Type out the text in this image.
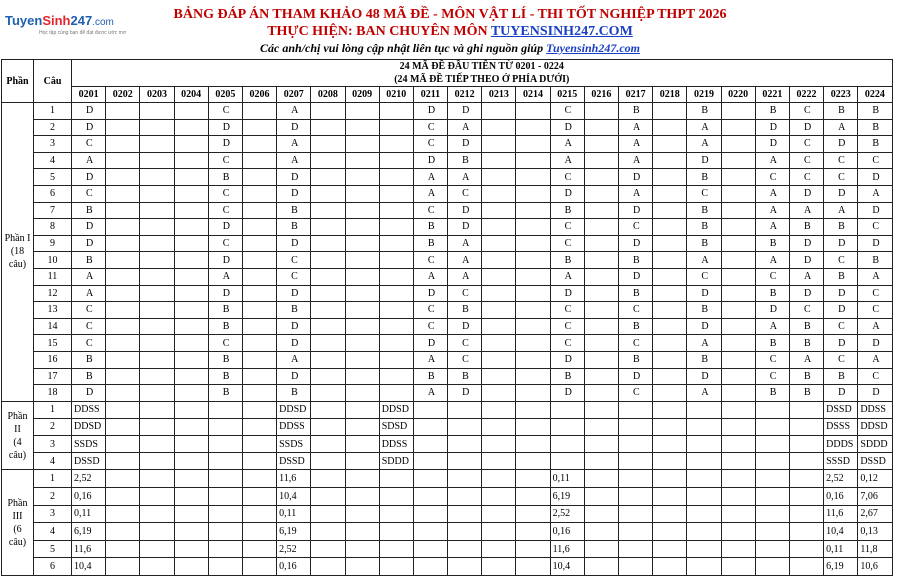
TuyenSinh247.com
Học tập cùng bạn để đạt được ước mơ
BẢNG ĐÁP ÁN THAM KHẢO 48 MÃ ĐỀ - MÔN VẬT LÍ - THI TỐT NGHIỆP THPT 2026
THỰC HIỆN: BAN CHUYÊN MÔN TUYENSINH247.COM
Các anh/chị vui lòng cập nhật liên tục và ghi nguồn giúp Tuyensinh247.com
Phần	Câu	24 MÃ ĐỀ ĐẦU TIÊN TỪ 0201 - 0224
(24 MÃ ĐỀ TIẾP THEO Ở PHÍA DƯỚI)																							

		0201	0202	0203	0204	0205	0206	0207	0208	0209	0210	0211	0212	0213	0214	0215	0216	0217	0218	0219	0220	0221	0222	0223	0224

Phần I
(18 câu)	1	D				C		A				D	D			C		B		B		B	C	B	B
	2	D				D		D				C	A			D		A		A		D	D	A	B
	3	C				D		A				C	D			A		A		A		D	C	D	B
	4	A				C		A				D	B			A		A		D		A	C	C	C
	5	D				B		D				A	A			C		D		B		C	C	C	D
	6	C				C		D				A	C			D		A		C		A	D	D	A
	7	B				C		B				C	D			B		D		B		A	A	A	D
	8	D				D		B				B	D			C		C		B		A	B	B	C
	9	D				C		D				B	A			C		D		B		B	D	D	D
	10	B				D		C				C	A			B		B		A		A	D	C	B
	11	A				A		C				A	A			A		D		C		C	A	B	A
	12	A				D		D				D	C			D		B		D		B	D	D	C
	13	C				B		B				C	B			C		C		B		D	C	D	C
	14	C				B		D				C	D			C		B		D		A	B	C	A
	15	C				C		D				D	C			C		C		A		B	B	D	D
	16	B				B		A				A	C			D		B		B		C	A	C	A
	17	B				B		D				B	B			B		D		D		C	B	B	C
	18	D				B		B				A	D			D		C		A		B	B	D	D

Phần II
(4 câu)	1	DDSS						DDSD			DDSD													DSSD	DDSS
	2	DDSD						DDSS			SDSD													DSSS	DDSD
	3	SSDS						SSDS			DDSS													DDDS	SDDD
	4	DSSD						DSSD			SDDD													SSSD	DSSD

Phần III
(6 câu)	1	2,52						11,6								0,11								2,52	0,12
	2	0,16						10,4								6,19								0,16	7,06
	3	0,11						0,11								2,52								11,6	2,67
	4	6,19						6,19								0,16								10,4	0,13
	5	11,6						2,52								11,6								0,11	11,8
	6	10,4						0,16								10,4								6,19	10,6
